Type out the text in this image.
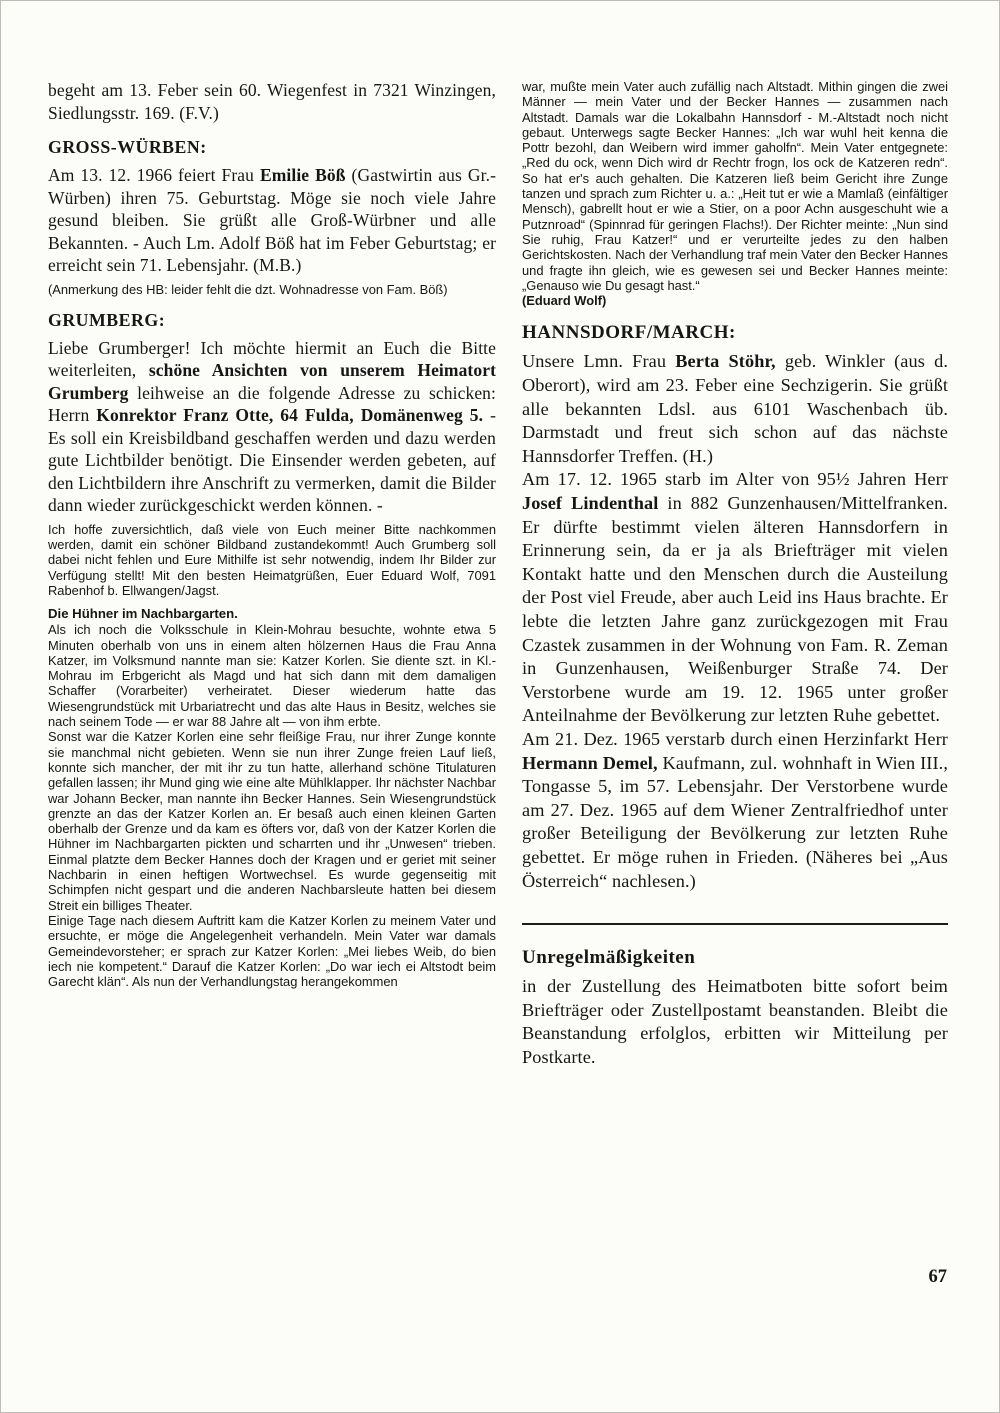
begeht am 13. Feber sein 60. Wiegenfest in 7321 Winzingen, Siedlungsstr. 169. (F.V.)

GROSS-WÜRBEN:

Am 13. 12. 1966 feiert Frau Emilie Böß (Gastwirtin aus Gr.-Würben) ihren 75. Geburtstag. Möge sie noch viele Jahre gesund bleiben. Sie grüßt alle Groß-Würbner und alle Bekannten. - Auch Lm. Adolf Böß hat im Feber Geburtstag; er erreicht sein 71. Lebensjahr. (M.B.)

(Anmerkung des HB: leider fehlt die dzt. Wohnadresse von Fam. Böß)

GRUMBERG:

Liebe Grumberger! Ich möchte hiermit an Euch die Bitte weiterleiten, schöne Ansichten von unserem Heimatort Grumberg leihweise an die folgende Adresse zu schicken: Herrn Konrektor Franz Otte, 64 Fulda, Domänenweg 5. - Es soll ein Kreisbildband geschaffen werden und dazu werden gute Lichtbilder benötigt. Die Einsender werden gebeten, auf den Lichtbildern ihre Anschrift zu vermerken, damit die Bilder dann wieder zurückgeschickt werden können. -

Ich hoffe zuversichtlich, daß viele von Euch meiner Bitte nachkommen werden, damit ein schöner Bildband zustandekommt! Auch Grumberg soll dabei nicht fehlen und Eure Mithilfe ist sehr notwendig, indem Ihr Bilder zur Verfügung stellt! Mit den besten Heimatgrüßen, Euer Eduard Wolf, 7091 Rabenhof b. Ellwangen/Jagst.

Die Hühner im Nachbargarten.

Als ich noch die Volksschule in Klein-Mohrau besuchte, wohnte etwa 5 Minuten oberhalb von uns in einem alten hölzernen Haus die Frau Anna Katzer, im Volksmund nannte man sie: Katzer Korlen. Sie diente szt. in Kl.-Mohrau im Erbgericht als Magd und hat sich dann mit dem damaligen Schaffer (Vorarbeiter) verheiratet. Dieser wiederum hatte das Wiesengrundstück mit Urbariatrecht und das alte Haus in Besitz, welches sie nach seinem Tode — er war 88 Jahre alt — von ihm erbte.

Sonst war die Katzer Korlen eine sehr fleißige Frau, nur ihrer Zunge konnte sie manchmal nicht gebieten. Wenn sie nun ihrer Zunge freien Lauf ließ, konnte sich mancher, der mit ihr zu tun hatte, allerhand schöne Titulaturen gefallen lassen; ihr Mund ging wie eine alte Mühlklapper. Ihr nächster Nachbar war Johann Becker, man nannte ihn Becker Hannes. Sein Wiesengrundstück grenzte an das der Katzer Korlen an. Er besaß auch einen kleinen Garten oberhalb der Grenze und da kam es öfters vor, daß von der Katzer Korlen die Hühner im Nachbargarten pickten und scharrten und ihr „Unwesen“ trieben. Einmal platzte dem Becker Hannes doch der Kragen und er geriet mit seiner Nachbarin in einen heftigen Wortwechsel. Es wurde gegenseitig mit Schimpfen nicht gespart und die anderen Nachbarsleute hatten bei diesem Streit ein billiges Theater.

Einige Tage nach diesem Auftritt kam die Katzer Korlen zu meinem Vater und ersuchte, er möge die Angelegenheit verhandeln. Mein Vater war damals Gemeindevorsteher; er sprach zur Katzer Korlen: „Mei liebes Weib, do bien iech nie kompetent.“ Darauf die Katzer Korlen: „Do war iech ei Altstodt beim Garecht klän“. Als nun der Verhandlungstag herangekommen

war, mußte mein Vater auch zufällig nach Altstadt. Mithin gingen die zwei Männer — mein Vater und der Becker Hannes — zusammen nach Altstadt. Damals war die Lokalbahn Hannsdorf - M.-Altstadt noch nicht gebaut. Unterwegs sagte Becker Hannes: „Ich war wuhl heit kenna die Pottr bezohl, dan Weibern wird immer gaholfn“. Mein Vater entgegnete: „Red du ock, wenn Dich wird dr Rechtr frogn, los ock de Katzeren redn“. So hat er's auch gehalten. Die Katzeren ließ beim Gericht ihre Zunge tanzen und sprach zum Richter u. a.: „Heit tut er wie a Mamlaß (einfältiger Mensch), gabrellt hout er wie a Stier, on a poor Achn ausgeschuht wie a Putznroad“ (Spinnrad für geringen Flachs!). Der Richter meinte: „Nun sind Sie ruhig, Frau Katzer!“ und er verurteilte jedes zu den halben Gerichtskosten. Nach der Verhandlung traf mein Vater den Becker Hannes und fragte ihn gleich, wie es gewesen sei und Becker Hannes meinte: „Genauso wie Du gesagt hast.“

(Eduard Wolf)

HANNSDORF/MARCH:

Unsere Lmn. Frau Berta Stöhr, geb. Winkler (aus d. Oberort), wird am 23. Feber eine Sechzigerin. Sie grüßt alle bekannten Ldsl. aus 6101 Waschenbach üb. Darmstadt und freut sich schon auf das nächste Hannsdorfer Treffen. (H.)

Am 17. 12. 1965 starb im Alter von 95½ Jahren Herr Josef Lindenthal in 882 Gunzenhausen/Mittelfranken. Er dürfte bestimmt vielen älteren Hannsdorfern in Erinnerung sein, da er ja als Briefträger mit vielen Kontakt hatte und den Menschen durch die Austeilung der Post viel Freude, aber auch Leid ins Haus brachte. Er lebte die letzten Jahre ganz zurückgezogen mit Frau Czastek zusammen in der Wohnung von Fam. R. Zeman in Gunzenhausen, Weißenburger Straße 74. Der Verstorbene wurde am 19. 12. 1965 unter großer Anteilnahme der Bevölkerung zur letzten Ruhe gebettet.

Am 21. Dez. 1965 verstarb durch einen Herzinfarkt Herr Hermann Demel, Kaufmann, zul. wohnhaft in Wien III., Tongasse 5, im 57. Lebensjahr. Der Verstorbene wurde am 27. Dez. 1965 auf dem Wiener Zentralfriedhof unter großer Beteiligung der Bevölkerung zur letzten Ruhe gebettet. Er möge ruhen in Frieden. (Näheres bei „Aus Österreich“ nachlesen.)

Unregelmäßigkeiten

in der Zustellung des Heimatboten bitte sofort beim Briefträger oder Zustellpostamt beanstanden. Bleibt die Beanstandung erfolglos, erbitten wir Mitteilung per Postkarte.

67
